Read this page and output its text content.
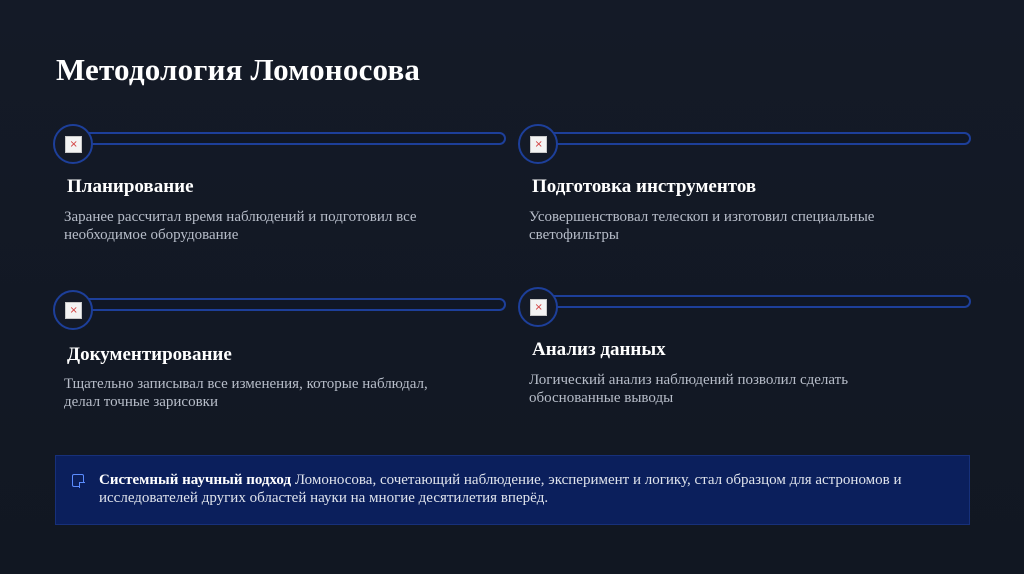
Методология Ломоносова
×
Планирование
Заранее рассчитал время наблюдений и подготовил все необходимое оборудование
×
Подготовка инструментов
Усовершенствовал телескоп и изготовил специальные светофильтры
×
Документирование
Тщательно записывал все изменения, которые наблюдал, делал точные зарисовки
×
Анализ данных
Логический анализ наблюдений позволил сделать обоснованные выводы
Системный научный подход Ломоносова, сочетающий наблюдение, эксперимент и логику, стал образцом для астрономов и исследователей других областей науки на многие десятилетия вперёд.
